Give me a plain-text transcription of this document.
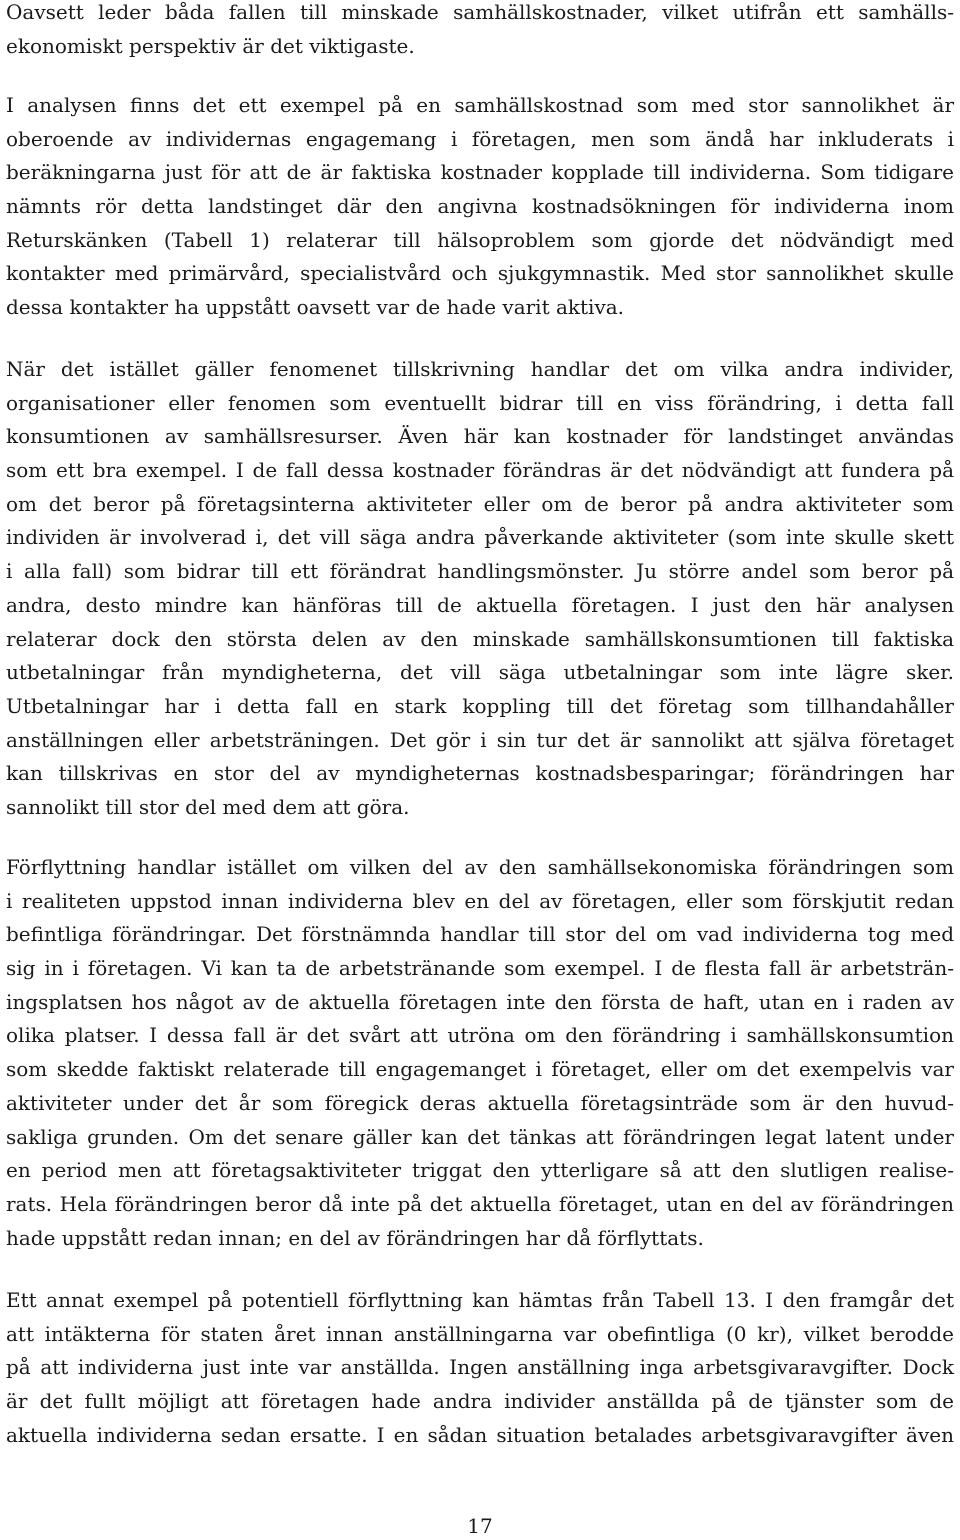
Oavsett leder båda fallen till minskade samhällskostnader, vilket utifrån ett samhälls-
ekonomiskt perspektiv är det viktigaste.

I analysen finns det ett exempel på en samhällskostnad som med stor sannolikhet är
oberoende av individernas engagemang i företagen, men som ändå har inkluderats i
beräkningarna just för att de är faktiska kostnader kopplade till individerna. Som tidigare
nämnts rör detta landstinget där den angivna kostnadsökningen för individerna inom
Returskänken (Tabell 1) relaterar till hälsoproblem som gjorde det nödvändigt med
kontakter med primärvård, specialistvård och sjukgymnastik. Med stor sannolikhet skulle
dessa kontakter ha uppstått oavsett var de hade varit aktiva.

När det istället gäller fenomenet tillskrivning handlar det om vilka andra individer,
organisationer eller fenomen som eventuellt bidrar till en viss förändring, i detta fall
konsumtionen av samhällsresurser. Även här kan kostnader för landstinget användas
som ett bra exempel. I de fall dessa kostnader förändras är det nödvändigt att fundera på
om det beror på företagsinterna aktiviteter eller om de beror på andra aktiviteter som
individen är involverad i, det vill säga andra påverkande aktiviteter (som inte skulle skett
i alla fall) som bidrar till ett förändrat handlingsmönster. Ju större andel som beror på
andra, desto mindre kan hänföras till de aktuella företagen. I just den här analysen
relaterar dock den största delen av den minskade samhällskonsumtionen till faktiska
utbetalningar från myndigheterna, det vill säga utbetalningar som inte lägre sker.
Utbetalningar har i detta fall en stark koppling till det företag som tillhandahåller
anställningen eller arbetsträningen. Det gör i sin tur det är sannolikt att själva företaget
kan tillskrivas en stor del av myndigheternas kostnadsbesparingar; förändringen har
sannolikt till stor del med dem att göra.

Förflyttning handlar istället om vilken del av den samhällsekonomiska förändringen som
i realiteten uppstod innan individerna blev en del av företagen, eller som förskjutit redan
befintliga förändringar. Det förstnämnda handlar till stor del om vad individerna tog med
sig in i företagen. Vi kan ta de arbetstränande som exempel. I de flesta fall är arbetsträn-
ingsplatsen hos något av de aktuella företagen inte den första de haft, utan en i raden av
olika platser. I dessa fall är det svårt att utröna om den förändring i samhällskonsumtion
som skedde faktiskt relaterade till engagemanget i företaget, eller om det exempelvis var
aktiviteter under det år som föregick deras aktuella företagsinträde som är den huvud-
sakliga grunden. Om det senare gäller kan det tänkas att förändringen legat latent under
en period men att företagsaktiviteter triggat den ytterligare så att den slutligen realise-
rats. Hela förändringen beror då inte på det aktuella företaget, utan en del av förändringen
hade uppstått redan innan; en del av förändringen har då förflyttats.

Ett annat exempel på potentiell förflyttning kan hämtas från Tabell 13. I den framgår det
att intäkterna för staten året innan anställningarna var obefintliga (0 kr), vilket berodde
på att individerna just inte var anställda. Ingen anställning inga arbetsgivaravgifter. Dock
är det fullt möjligt att företagen hade andra individer anställda på de tjänster som de
aktuella individerna sedan ersatte. I en sådan situation betalades arbetsgivaravgifter även

17
